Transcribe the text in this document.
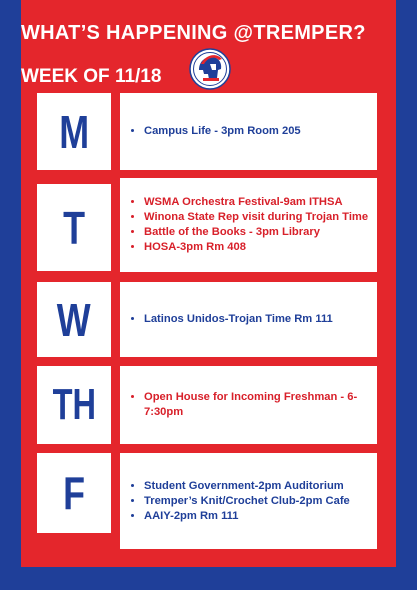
WHAT’S HAPPENING @TREMPER?
WEEK OF 11/18
M	• Campus Life - 3pm Room 205
T	• WSMA Orchestra Festival-9am ITHSA
• Winona State Rep visit during Trojan Time
• Battle of the Books - 3pm Library
• HOSA-3pm Rm 408
W	• Latinos Unidos-Trojan Time Rm 111
TH	• Open House for Incoming Freshman - 6-7:30pm
F	• Student Government-2pm Auditorium
• Tremper’s Knit/Crochet Club-2pm Cafe
• AAIY-2pm Rm 111
